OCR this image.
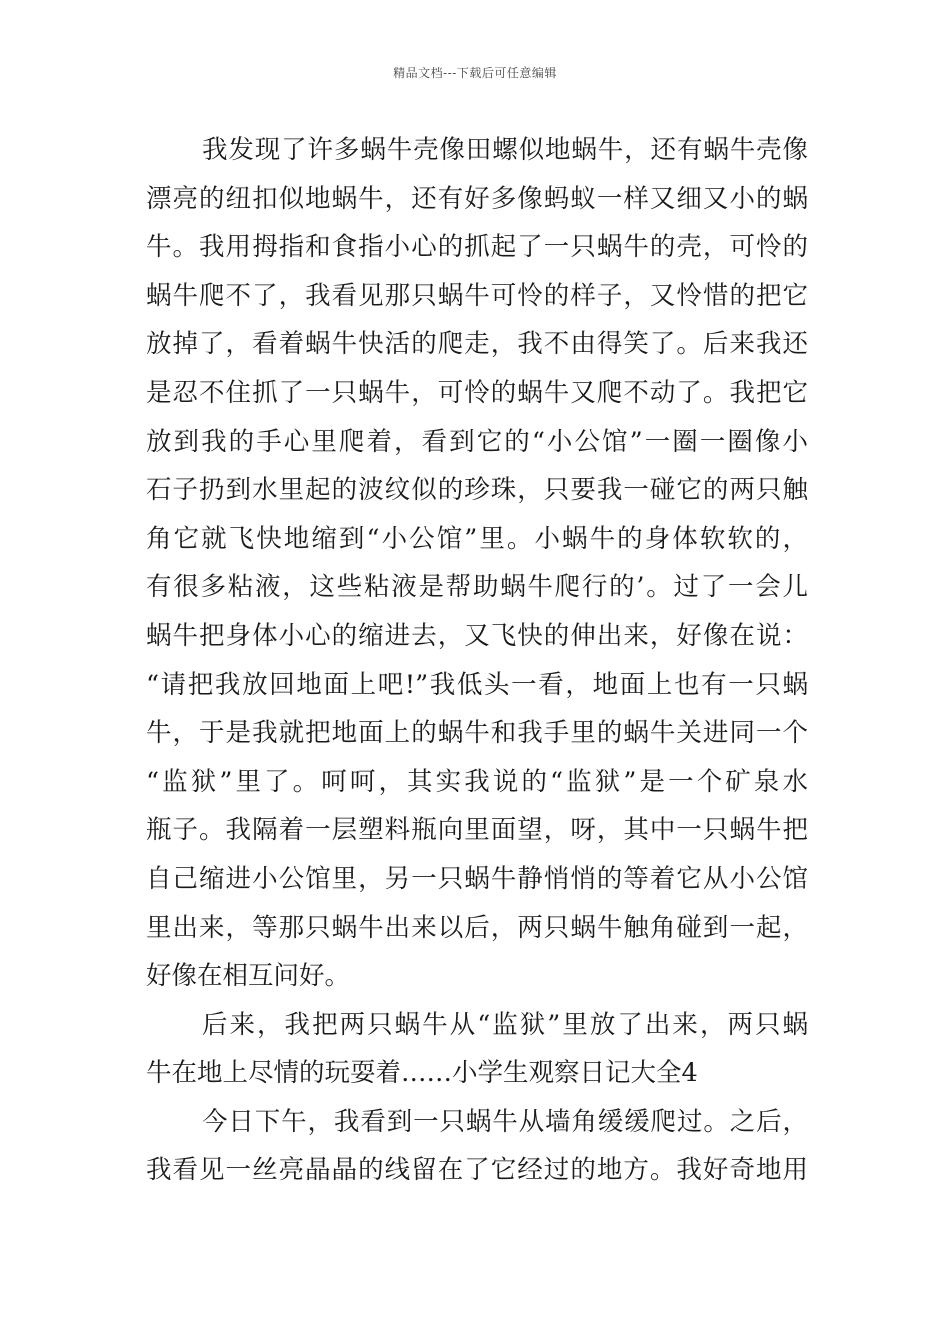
精品文档---下载后可任意编辑

我发现了许多蜗牛壳像田螺似地蜗牛，还有蜗牛壳像
漂亮的纽扣似地蜗牛，还有好多像蚂蚁一样又细又小的蜗
牛。我用拇指和食指小心的抓起了一只蜗牛的壳，可怜的
蜗牛爬不了，我看见那只蜗牛可怜的样子，又怜惜的把它
放掉了，看着蜗牛快活的爬走，我不由得笑了。后来我还
是忍不住抓了一只蜗牛，可怜的蜗牛又爬不动了。我把它
放到我的手心里爬着，看到它的“小公馆”一圈一圈像小
石子扔到水里起的波纹似的珍珠，只要我一碰它的两只触
角它就飞快地缩到“小公馆”里。小蜗牛的身体软软的，
有很多粘液，这些粘液是帮助蜗牛爬行的’。过了一会儿
蜗牛把身体小心的缩进去，又飞快的伸出来，好像在说：
“请把我放回地面上吧!”我低头一看，地面上也有一只蜗
牛，于是我就把地面上的蜗牛和我手里的蜗牛关进同一个
“监狱”里了。呵呵，其实我说的“监狱”是一个矿泉水
瓶子。我隔着一层塑料瓶向里面望，呀，其中一只蜗牛把
自己缩进小公馆里，另一只蜗牛静悄悄的等着它从小公馆
里出来，等那只蜗牛出来以后，两只蜗牛触角碰到一起，
好像在相互问好。

后来，我把两只蜗牛从“监狱”里放了出来，两只蜗
牛在地上尽情的玩耍着……小学生观察日记大全4

今日下午，我看到一只蜗牛从墙角缓缓爬过。之后，
我看见一丝亮晶晶的线留在了它经过的地方。我好奇地用
